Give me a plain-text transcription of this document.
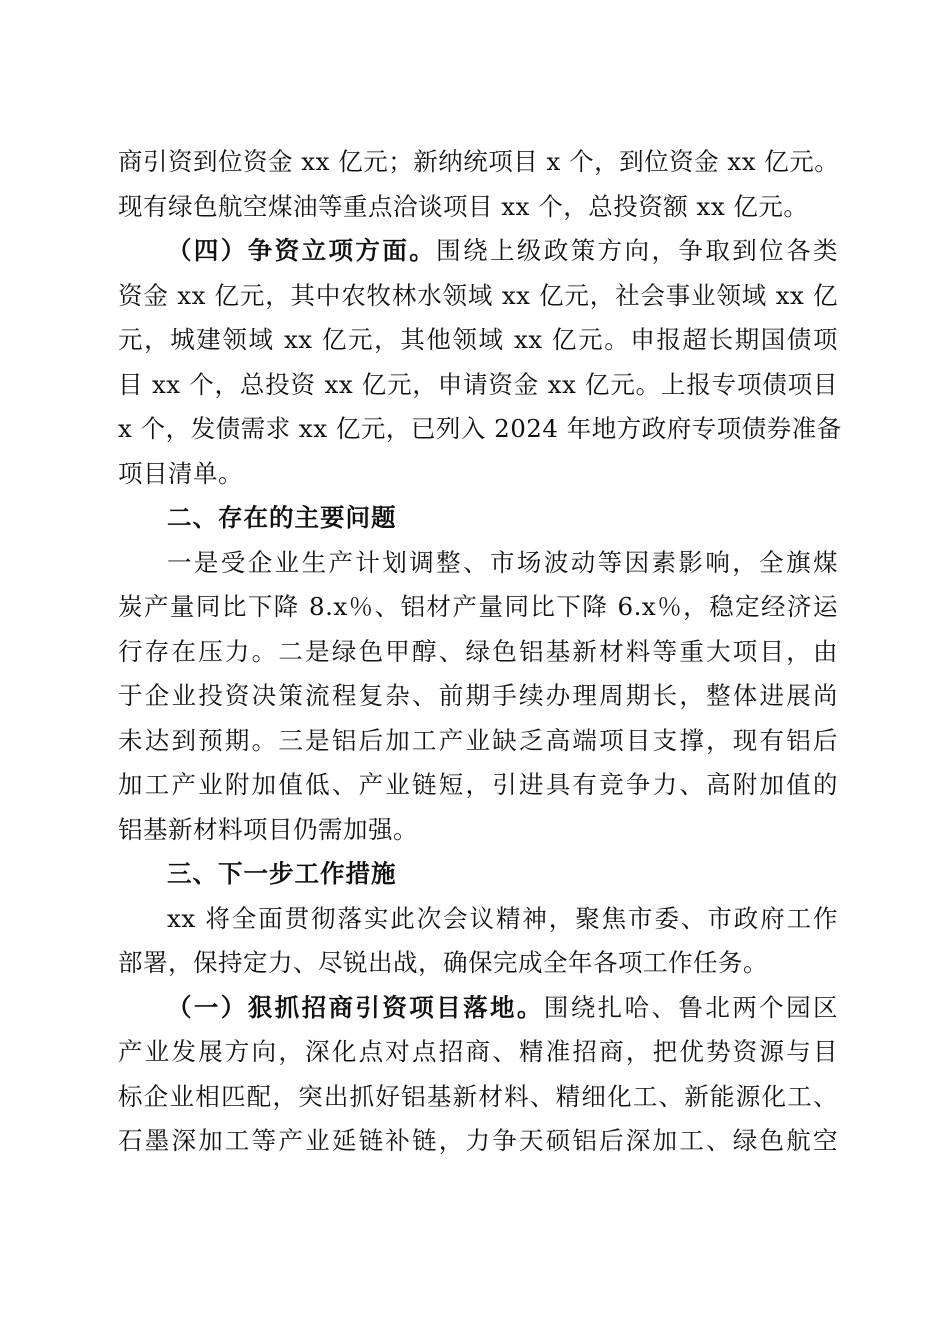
商引资到位资金 xx 亿元；新纳统项目 x 个，到位资金 xx 亿元。
现有绿色航空煤油等重点洽谈项目 xx 个，总投资额 xx 亿元。
（四）争资立项方面。围绕上级政策方向，争取到位各类
资金 xx 亿元，其中农牧林水领域 xx 亿元，社会事业领域 xx 亿
元，城建领域 xx 亿元，其他领域 xx 亿元。申报超长期国债项
目 xx 个，总投资 xx 亿元，申请资金 xx 亿元。上报专项债项目
x 个，发债需求 xx 亿元，已列入 2024 年地方政府专项债券准备
项目清单。
二、存在的主要问题
一是受企业生产计划调整、市场波动等因素影响，全旗煤
炭产量同比下降 8.x％、铝材产量同比下降 6.x％，稳定经济运
行存在压力。二是绿色甲醇、绿色铝基新材料等重大项目，由
于企业投资决策流程复杂、前期手续办理周期长，整体进展尚
未达到预期。三是铝后加工产业缺乏高端项目支撑，现有铝后
加工产业附加值低、产业链短，引进具有竞争力、高附加值的
铝基新材料项目仍需加强。
三、下一步工作措施
xx 将全面贯彻落实此次会议精神，聚焦市委、市政府工作
部署，保持定力、尽锐出战，确保完成全年各项工作任务。
（一）狠抓招商引资项目落地。围绕扎哈、鲁北两个园区
产业发展方向，深化点对点招商、精准招商，把优势资源与目
标企业相匹配，突出抓好铝基新材料、精细化工、新能源化工、
石墨深加工等产业延链补链，力争天硕铝后深加工、绿色航空
